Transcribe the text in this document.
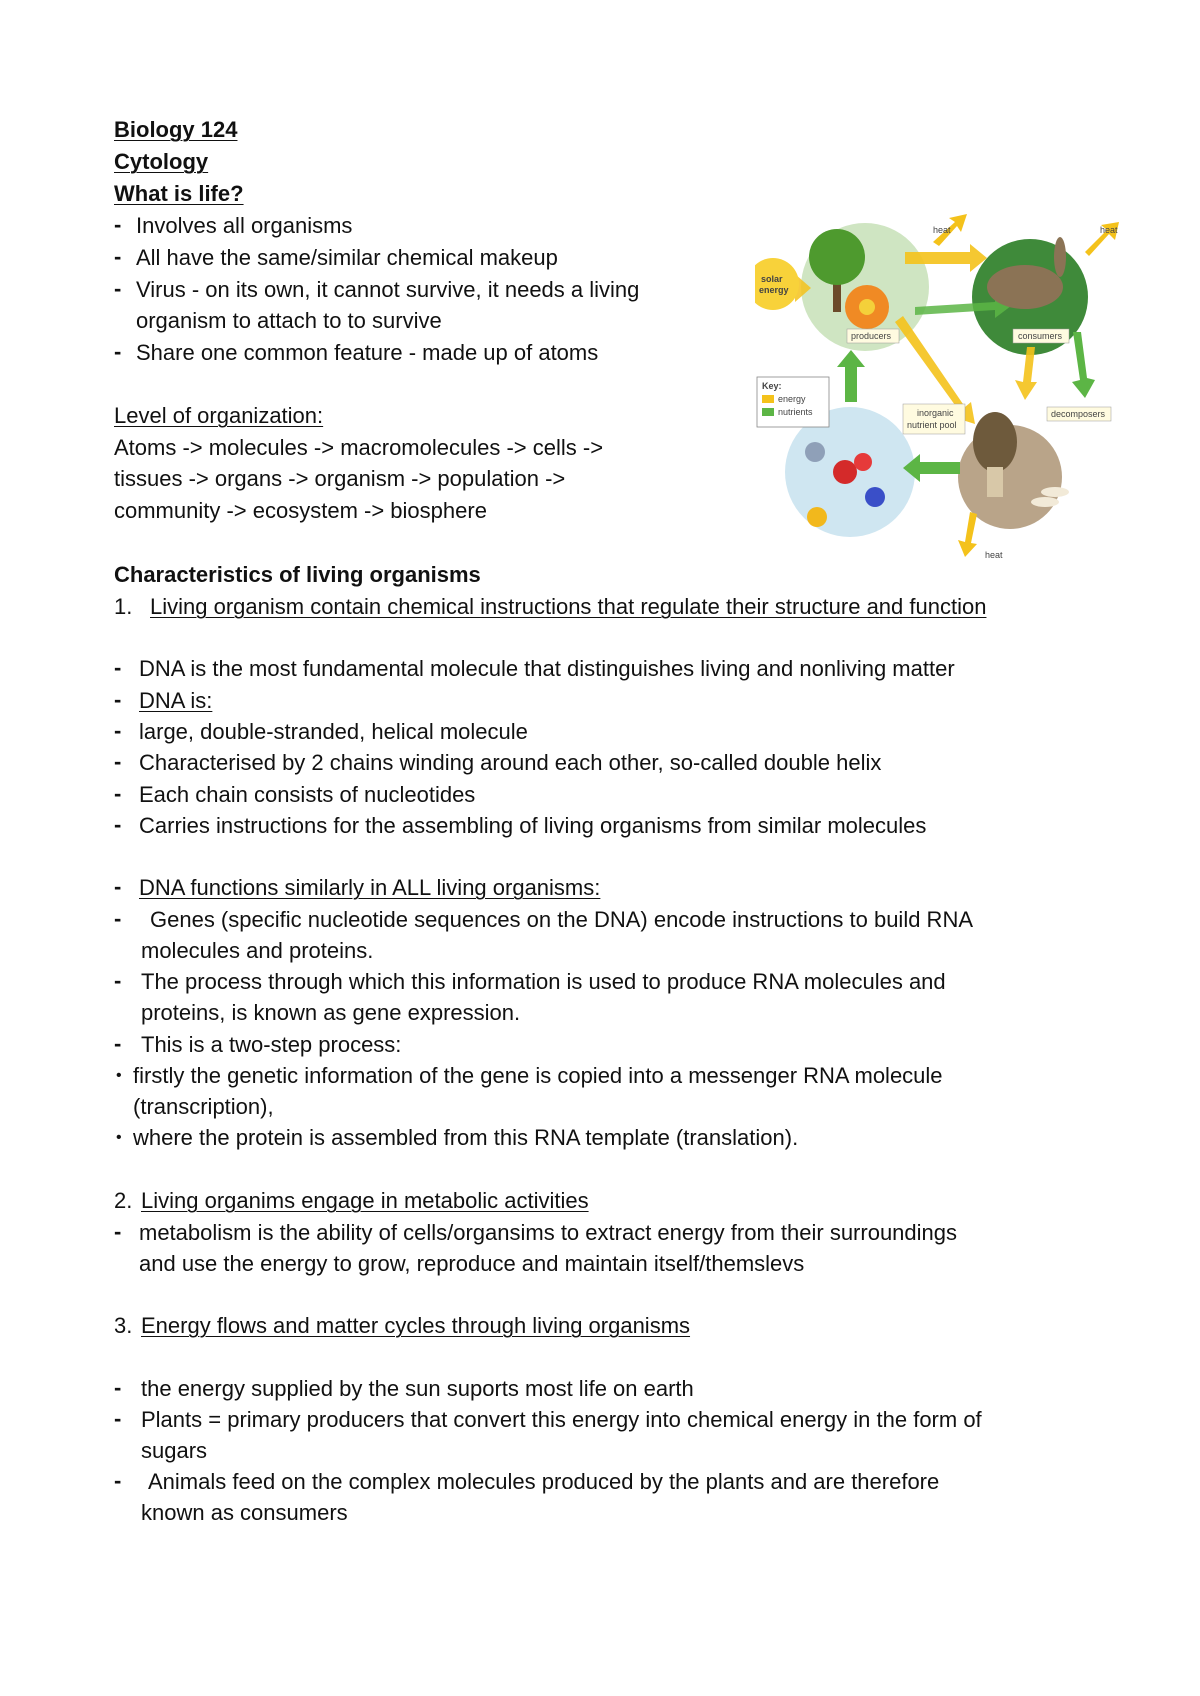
Biology 124
Cytology
What is life?
- Involves all organisms
- All have the same/similar chemical makeup
- Virus - on its own, it cannot survive, it needs a living
organism to attach to to survive
- Share one common feature - made up of atoms
Level of organization:
Atoms -> molecules -> macromolecules -> cells ->
tissues -> organs -> organism -> population ->
community -> ecosystem -> biosphere
Characteristics of living organisms
1. Living organism contain chemical instructions that regulate their structure and function
- DNA is the most fundamental molecule that distinguishes living and nonliving matter
- DNA is:
- large, double-stranded, helical molecule
- Characterised by 2 chains winding around each other, so-called double helix
- Each chain consists of nucleotides
- Carries instructions for the assembling of living organisms from similar molecules
- DNA functions similarly in ALL living organisms:
- Genes (specific nucleotide sequences on the DNA) encode instructions to build RNA
molecules and proteins.
- The process through which this information is used to produce RNA molecules and
proteins, is known as gene expression.
- This is a two-step process:
• firstly the genetic information of the gene is copied into a messenger RNA molecule
(transcription),
• where the protein is assembled from this RNA template (translation).
2. Living organims engage in metabolic activities
- metabolism is the ability of cells/organsims to extract energy from their surroundings
and use the energy to grow, reproduce and maintain itself/themslevs
3. Energy flows and matter cycles through living organisms
- the energy supplied by the sun suports most life on earth
- Plants = primary producers that convert this energy into chemical energy in the form of
sugars
- Animals feed on the complex molecules produced by the plants and are therefore
known as consumers
solar
energy
producers	consumers
decomposers
inorganic
nutrient pool
heat	heat
heat
Key:
energy
nutrients
